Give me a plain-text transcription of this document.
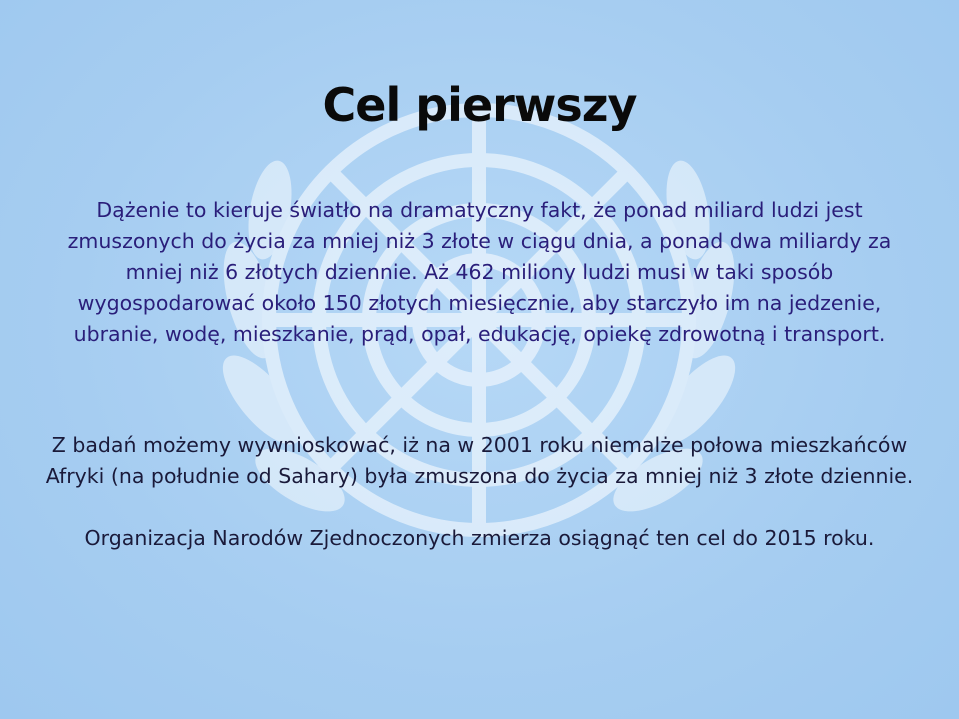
Cel pierwszy

Dążenie to kieruje światło na dramatyczny fakt, że ponad miliard ludzi jest zmuszonych do życia za mniej niż 3 złote w ciągu dnia, a ponad dwa miliardy za mniej niż 6 złotych dziennie. Aż 462 miliony ludzi musi w taki sposób wygospodarować około 150 złotych miesięcznie, aby starczyło im na jedzenie, ubranie, wodę, mieszkanie, prąd, opał, edukację, opiekę zdrowotną i transport.

Z badań możemy wywnioskować, iż na w 2001 roku niemalże połowa mieszkańców Afryki (na południe od Sahary) była zmuszona do życia za mniej niż 3 złote dziennie.

Organizacja Narodów Zjednoczonych zmierza osiągnąć ten cel do 2015 roku.
